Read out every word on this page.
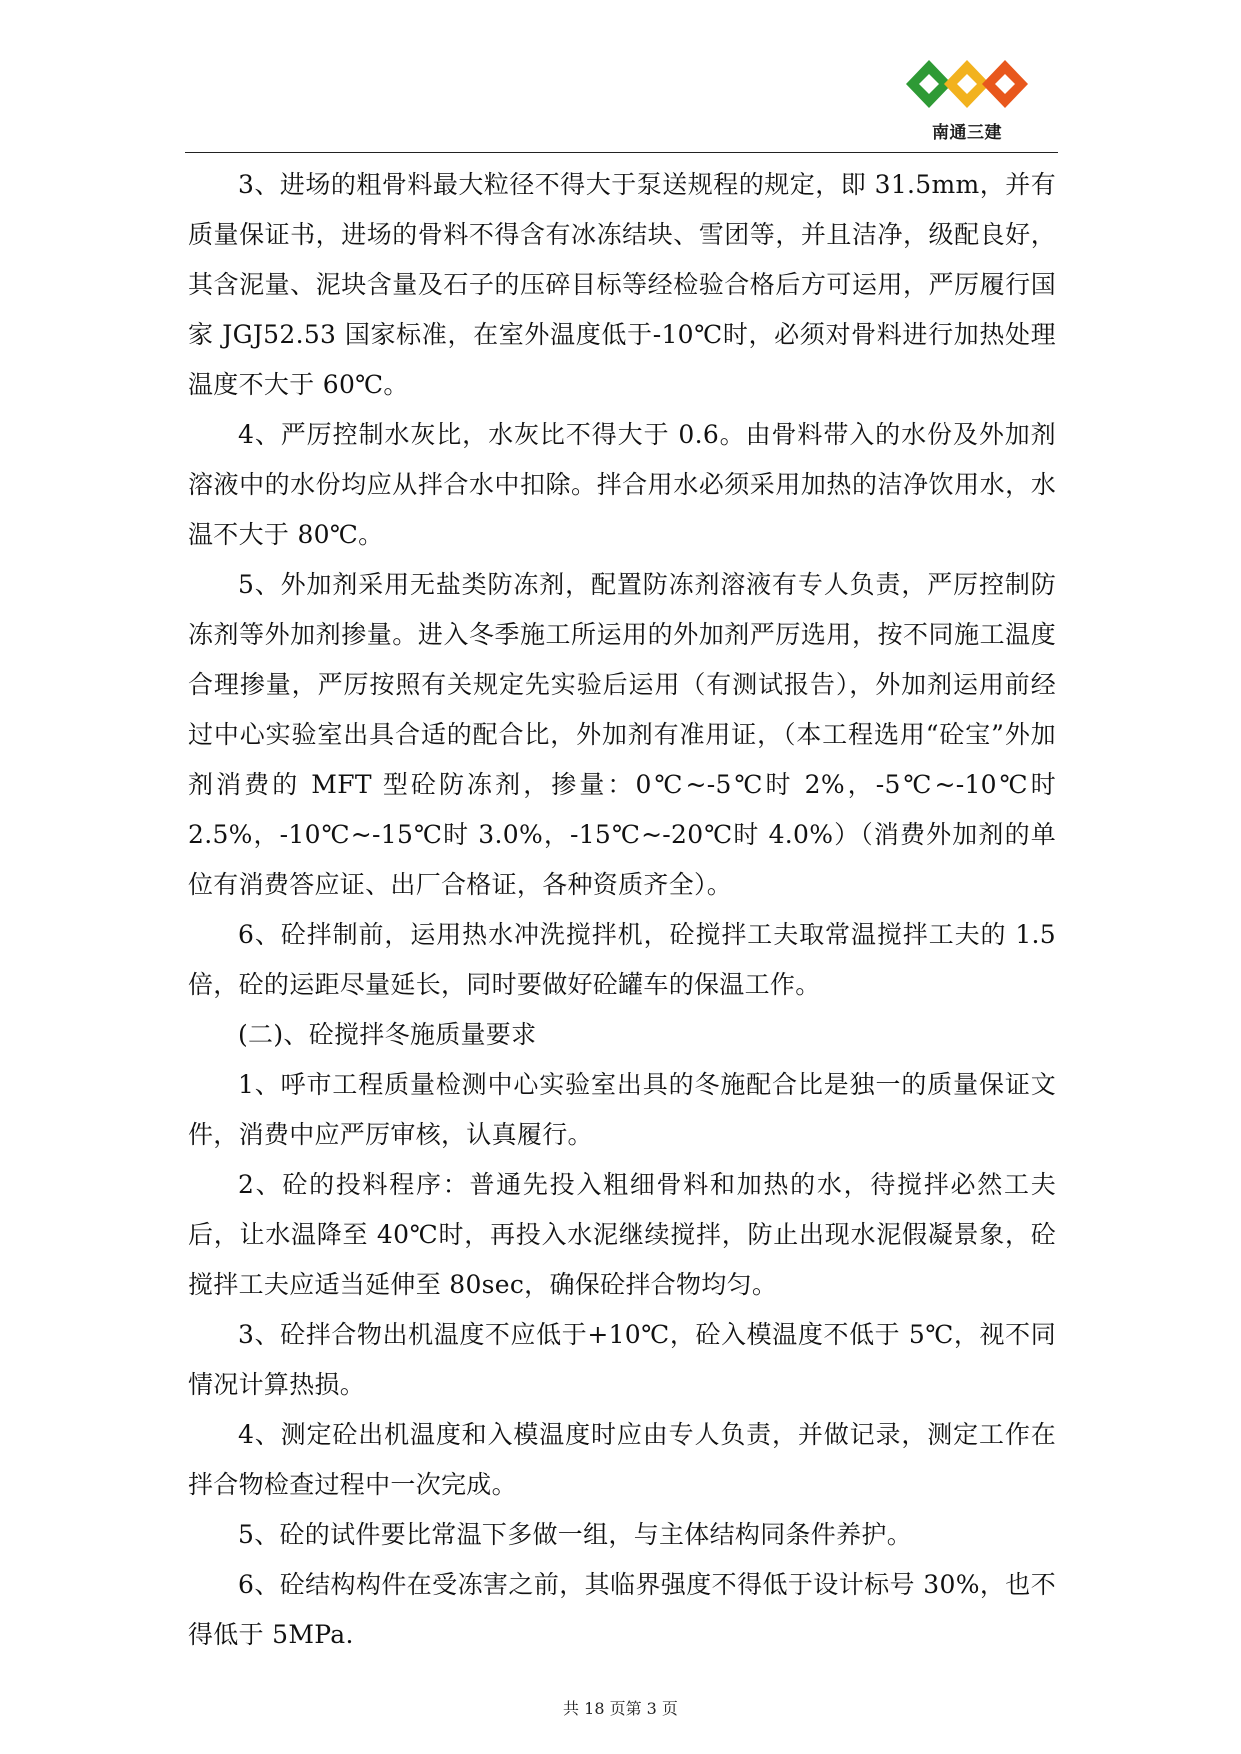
南通三建

3、进场的粗骨料最大粒径不得大于泵送规程的规定，即 31.5mm，并有质量保证书，进场的骨料不得含有冰冻结块、雪团等，并且洁净，级配良好，其含泥量、泥块含量及石子的压碎目标等经检验合格后方可运用，严厉履行国家 JGJ52.53 国家标准，在室外温度低于-10℃时，必须对骨料进行加热处理温度不大于 60℃。

4、严厉控制水灰比，水灰比不得大于 0.6。由骨料带入的水份及外加剂溶液中的水份均应从拌合水中扣除。拌合用水必须采用加热的洁净饮用水，水温不大于 80℃。

5、外加剂采用无盐类防冻剂，配置防冻剂溶液有专人负责，严厉控制防冻剂等外加剂掺量。进入冬季施工所运用的外加剂严厉选用，按不同施工温度合理掺量，严厉按照有关规定先实验后运用（有测试报告），外加剂运用前经过中心实验室出具合适的配合比，外加剂有准用证，（本工程选用“砼宝”外加剂消费的 MFT 型砼防冻剂，掺量：0℃~-5℃时 2%，-5℃~-10℃时 2.5%，-10℃~-15℃时 3.0%，-15℃~-20℃时 4.0%）（消费外加剂的单位有消费答应证、出厂合格证，各种资质齐全）。

6、砼拌制前，运用热水冲洗搅拌机，砼搅拌工夫取常温搅拌工夫的 1.5 倍，砼的运距尽量延长，同时要做好砼罐车的保温工作。

(二)、砼搅拌冬施质量要求

1、呼市工程质量检测中心实验室出具的冬施配合比是独一的质量保证文件，消费中应严厉审核，认真履行。

2、砼的投料程序：普通先投入粗细骨料和加热的水，待搅拌必然工夫后，让水温降至 40℃时，再投入水泥继续搅拌，防止出现水泥假凝景象，砼搅拌工夫应适当延伸至 80sec，确保砼拌合物均匀。

3、砼拌合物出机温度不应低于+10℃，砼入模温度不低于 5℃，视不同情况计算热损。

4、测定砼出机温度和入模温度时应由专人负责，并做记录，测定工作在拌合物检查过程中一次完成。

5、砼的试件要比常温下多做一组，与主体结构同条件养护。

6、砼结构构件在受冻害之前，其临界强度不得低于设计标号 30%，也不得低于 5MPa.

共 18 页第 3 页
